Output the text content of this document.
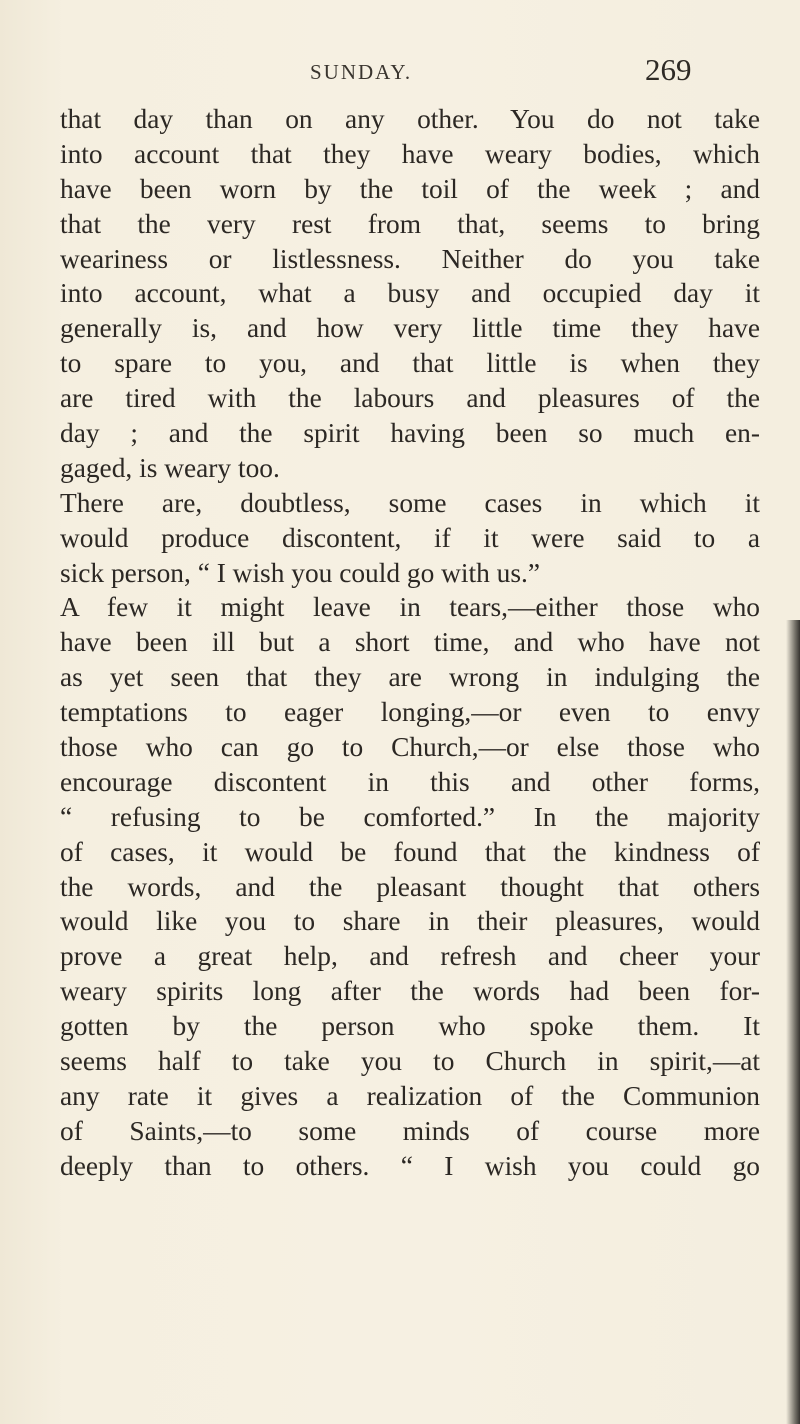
SUNDAY.	269
that day than on any other. You do not take
into account that they have weary bodies, which
have been worn by the toil of the week ; and
that the very rest from that, seems to bring
weariness or listlessness. Neither do you take
into account, what a busy and occupied day it
generally is, and how very little time they have
to spare to you, and that little is when they
are tired with the labours and pleasures of the
day ; and the spirit having been so much en-
gaged, is weary too.
There are, doubtless, some cases in which it
would produce discontent, if it were said to a
sick person, “ I wish you could go with us.”
A few it might leave in tears,—either those who
have been ill but a short time, and who have not
as yet seen that they are wrong in indulging the
temptations to eager longing,—or even to envy
those who can go to Church,—or else those who
encourage discontent in this and other forms,
“ refusing to be comforted.” In the majority
of cases, it would be found that the kindness of
the words, and the pleasant thought that others
would like you to share in their pleasures, would
prove a great help, and refresh and cheer your
weary spirits long after the words had been for-
gotten by the person who spoke them. It
seems half to take you to Church in spirit,—at
any rate it gives a realization of the Communion
of Saints,—to some minds of course more
deeply than to others. “ I wish you could go
